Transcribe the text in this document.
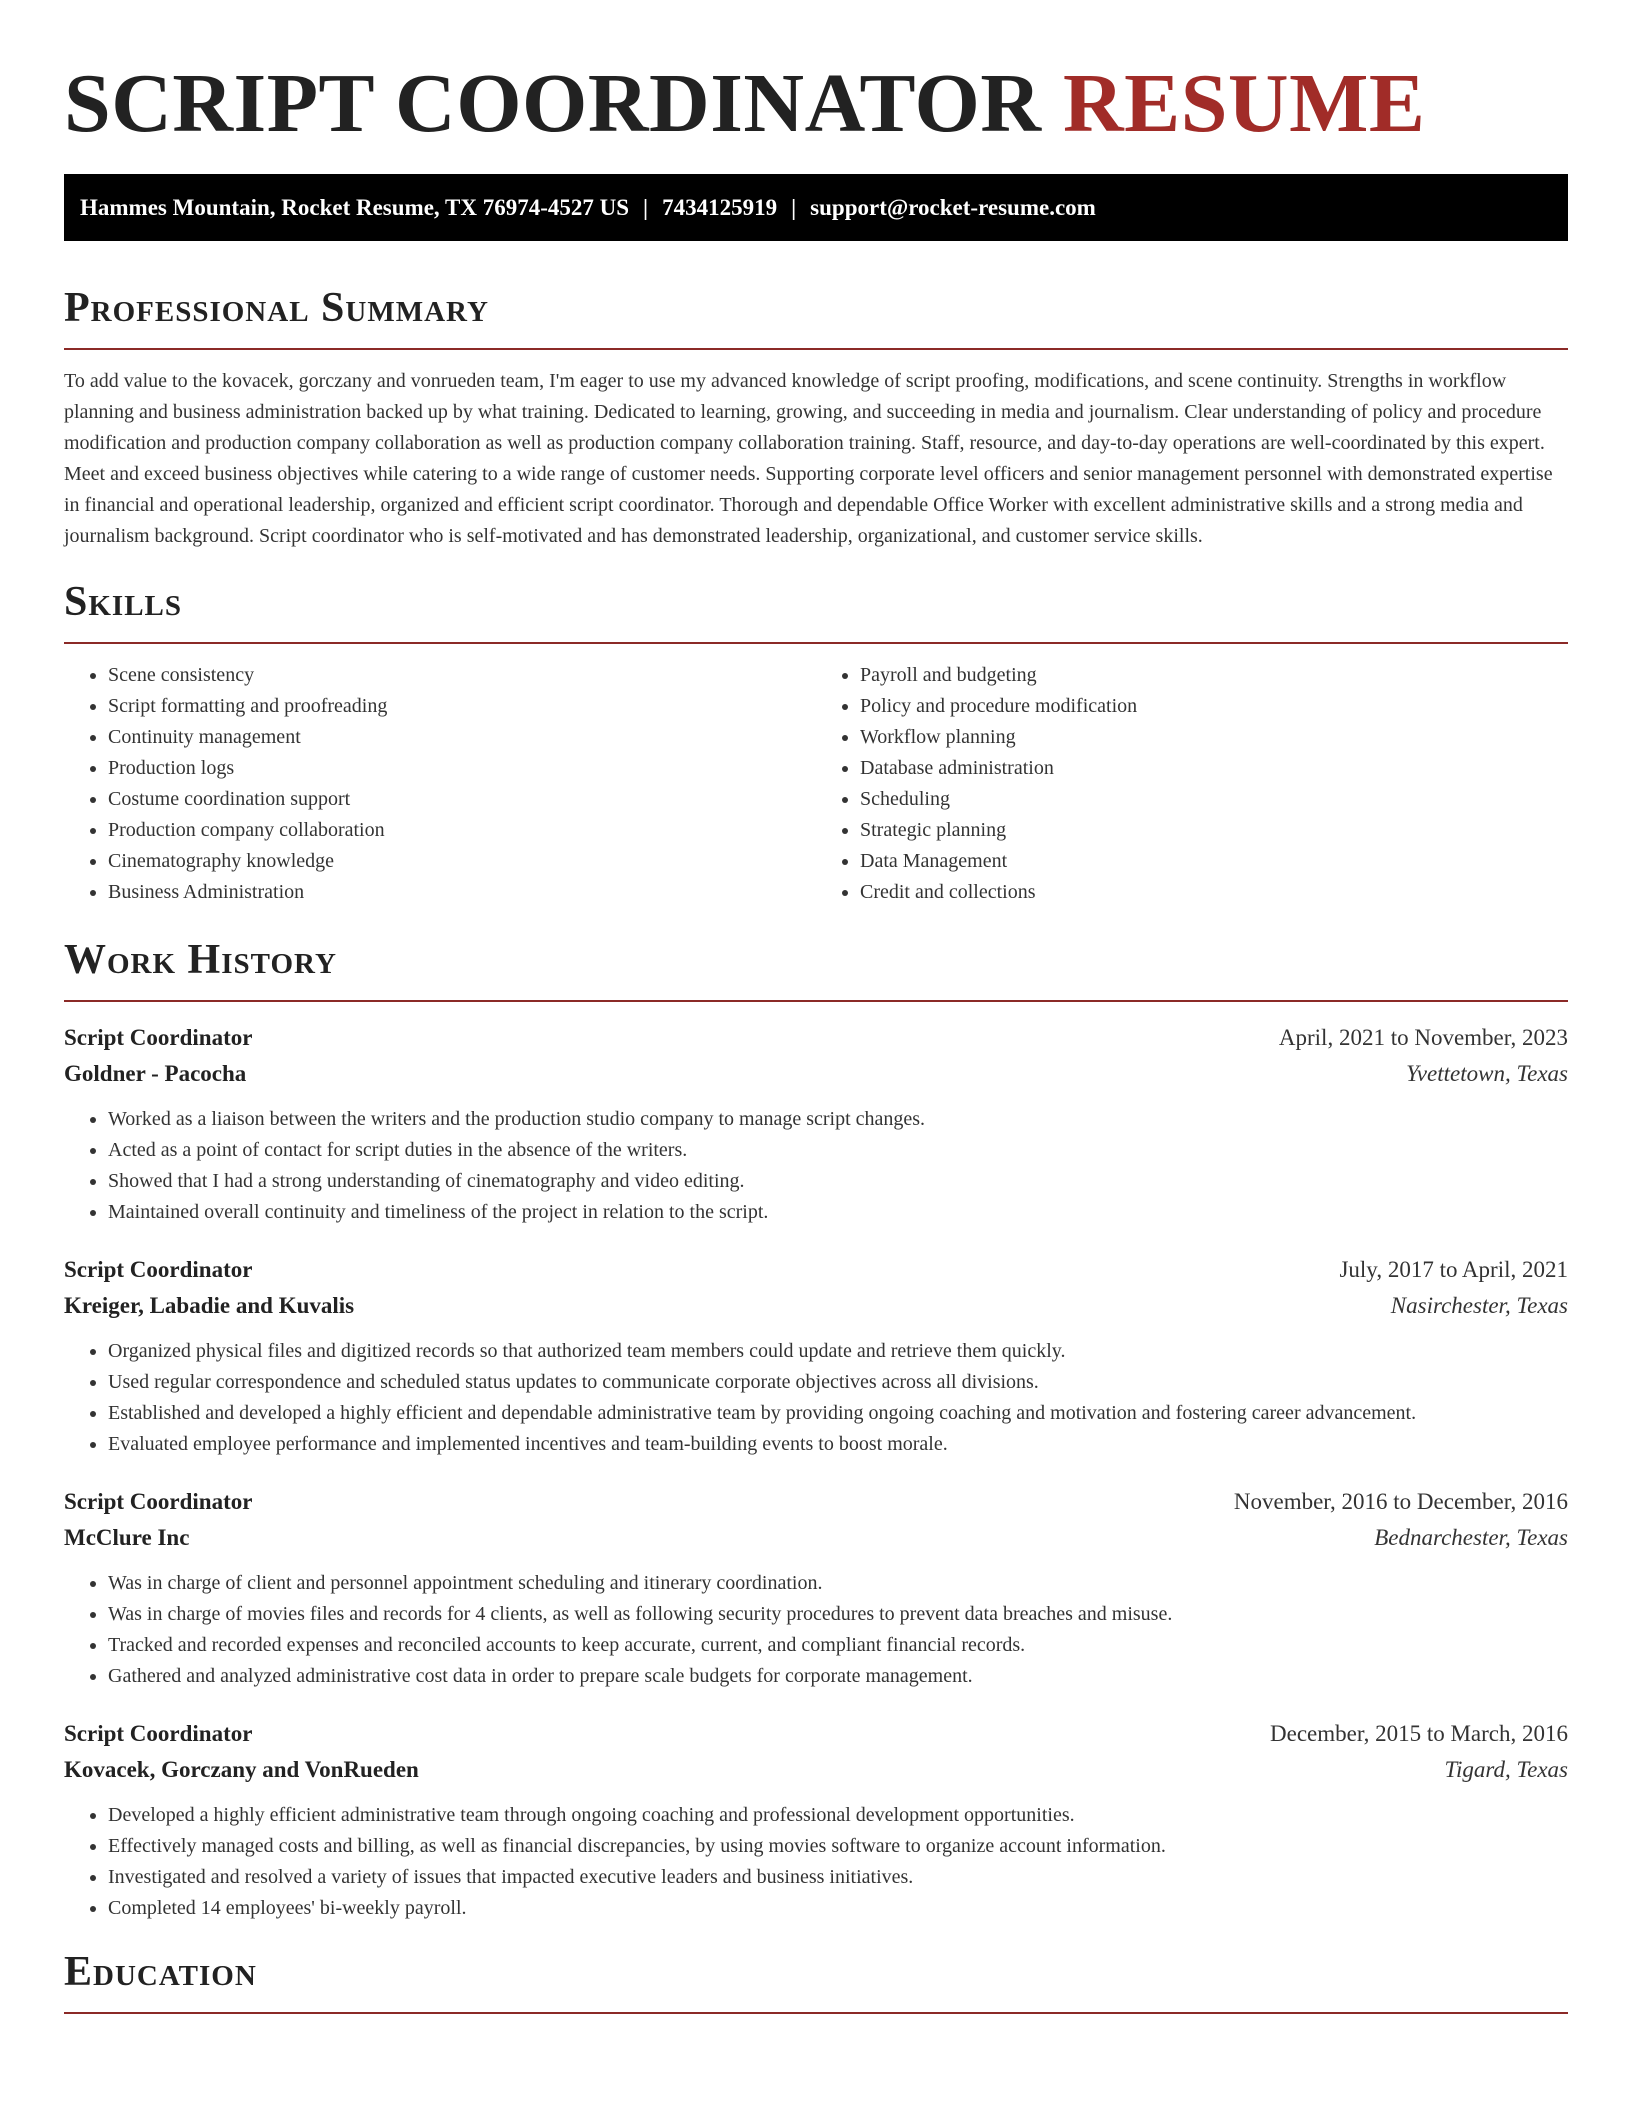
SCRIPT COORDINATOR RESUME
Hammes Mountain, Rocket Resume, TX 76974-4527 US | 7434125919 | support@rocket-resume.com
Professional Summary

To add value to the kovacek, gorczany and vonrueden team, I'm eager to use my advanced knowledge of script proofing, modifications, and scene continuity. Strengths in workflow planning and business administration backed up by what training. Dedicated to learning, growing, and succeeding in media and journalism. Clear understanding of policy and procedure modification and production company collaboration as well as production company collaboration training. Staff, resource, and day-to-day operations are well-coordinated by this expert. Meet and exceed business objectives while catering to a wide range of customer needs. Supporting corporate level officers and senior management personnel with demonstrated expertise in financial and operational leadership, organized and efficient script coordinator. Thorough and dependable Office Worker with excellent administrative skills and a strong media and journalism background. Script coordinator who is self-motivated and has demonstrated leadership, organizational, and customer service skills.

Skills
• Scene consistency
• Script formatting and proofreading
• Continuity management
• Production logs
• Costume coordination support
• Production company collaboration
• Cinematography knowledge
• Business Administration
• Payroll and budgeting
• Policy and procedure modification
• Workflow planning
• Database administration
• Scheduling
• Strategic planning
• Data Management
• Credit and collections
Work History
Script Coordinator	April, 2021 to November, 2023
Goldner - Pacocha	Yvettetown, Texas
• Worked as a liaison between the writers and the production studio company to manage script changes.
• Acted as a point of contact for script duties in the absence of the writers.
• Showed that I had a strong understanding of cinematography and video editing.
• Maintained overall continuity and timeliness of the project in relation to the script.
Script Coordinator	July, 2017 to April, 2021
Kreiger, Labadie and Kuvalis	Nasirchester, Texas
• Organized physical files and digitized records so that authorized team members could update and retrieve them quickly.
• Used regular correspondence and scheduled status updates to communicate corporate objectives across all divisions.
• Established and developed a highly efficient and dependable administrative team by providing ongoing coaching and motivation and fostering career advancement.
• Evaluated employee performance and implemented incentives and team-building events to boost morale.
Script Coordinator	November, 2016 to December, 2016
McClure Inc	Bednarchester, Texas
• Was in charge of client and personnel appointment scheduling and itinerary coordination.
• Was in charge of movies files and records for 4 clients, as well as following security procedures to prevent data breaches and misuse.
• Tracked and recorded expenses and reconciled accounts to keep accurate, current, and compliant financial records.
• Gathered and analyzed administrative cost data in order to prepare scale budgets for corporate management.
Script Coordinator	December, 2015 to March, 2016
Kovacek, Gorczany and VonRueden	Tigard, Texas
• Developed a highly efficient administrative team through ongoing coaching and professional development opportunities.
• Effectively managed costs and billing, as well as financial discrepancies, by using movies software to organize account information.
• Investigated and resolved a variety of issues that impacted executive leaders and business initiatives.
• Completed 14 employees' bi-weekly payroll.
Education
